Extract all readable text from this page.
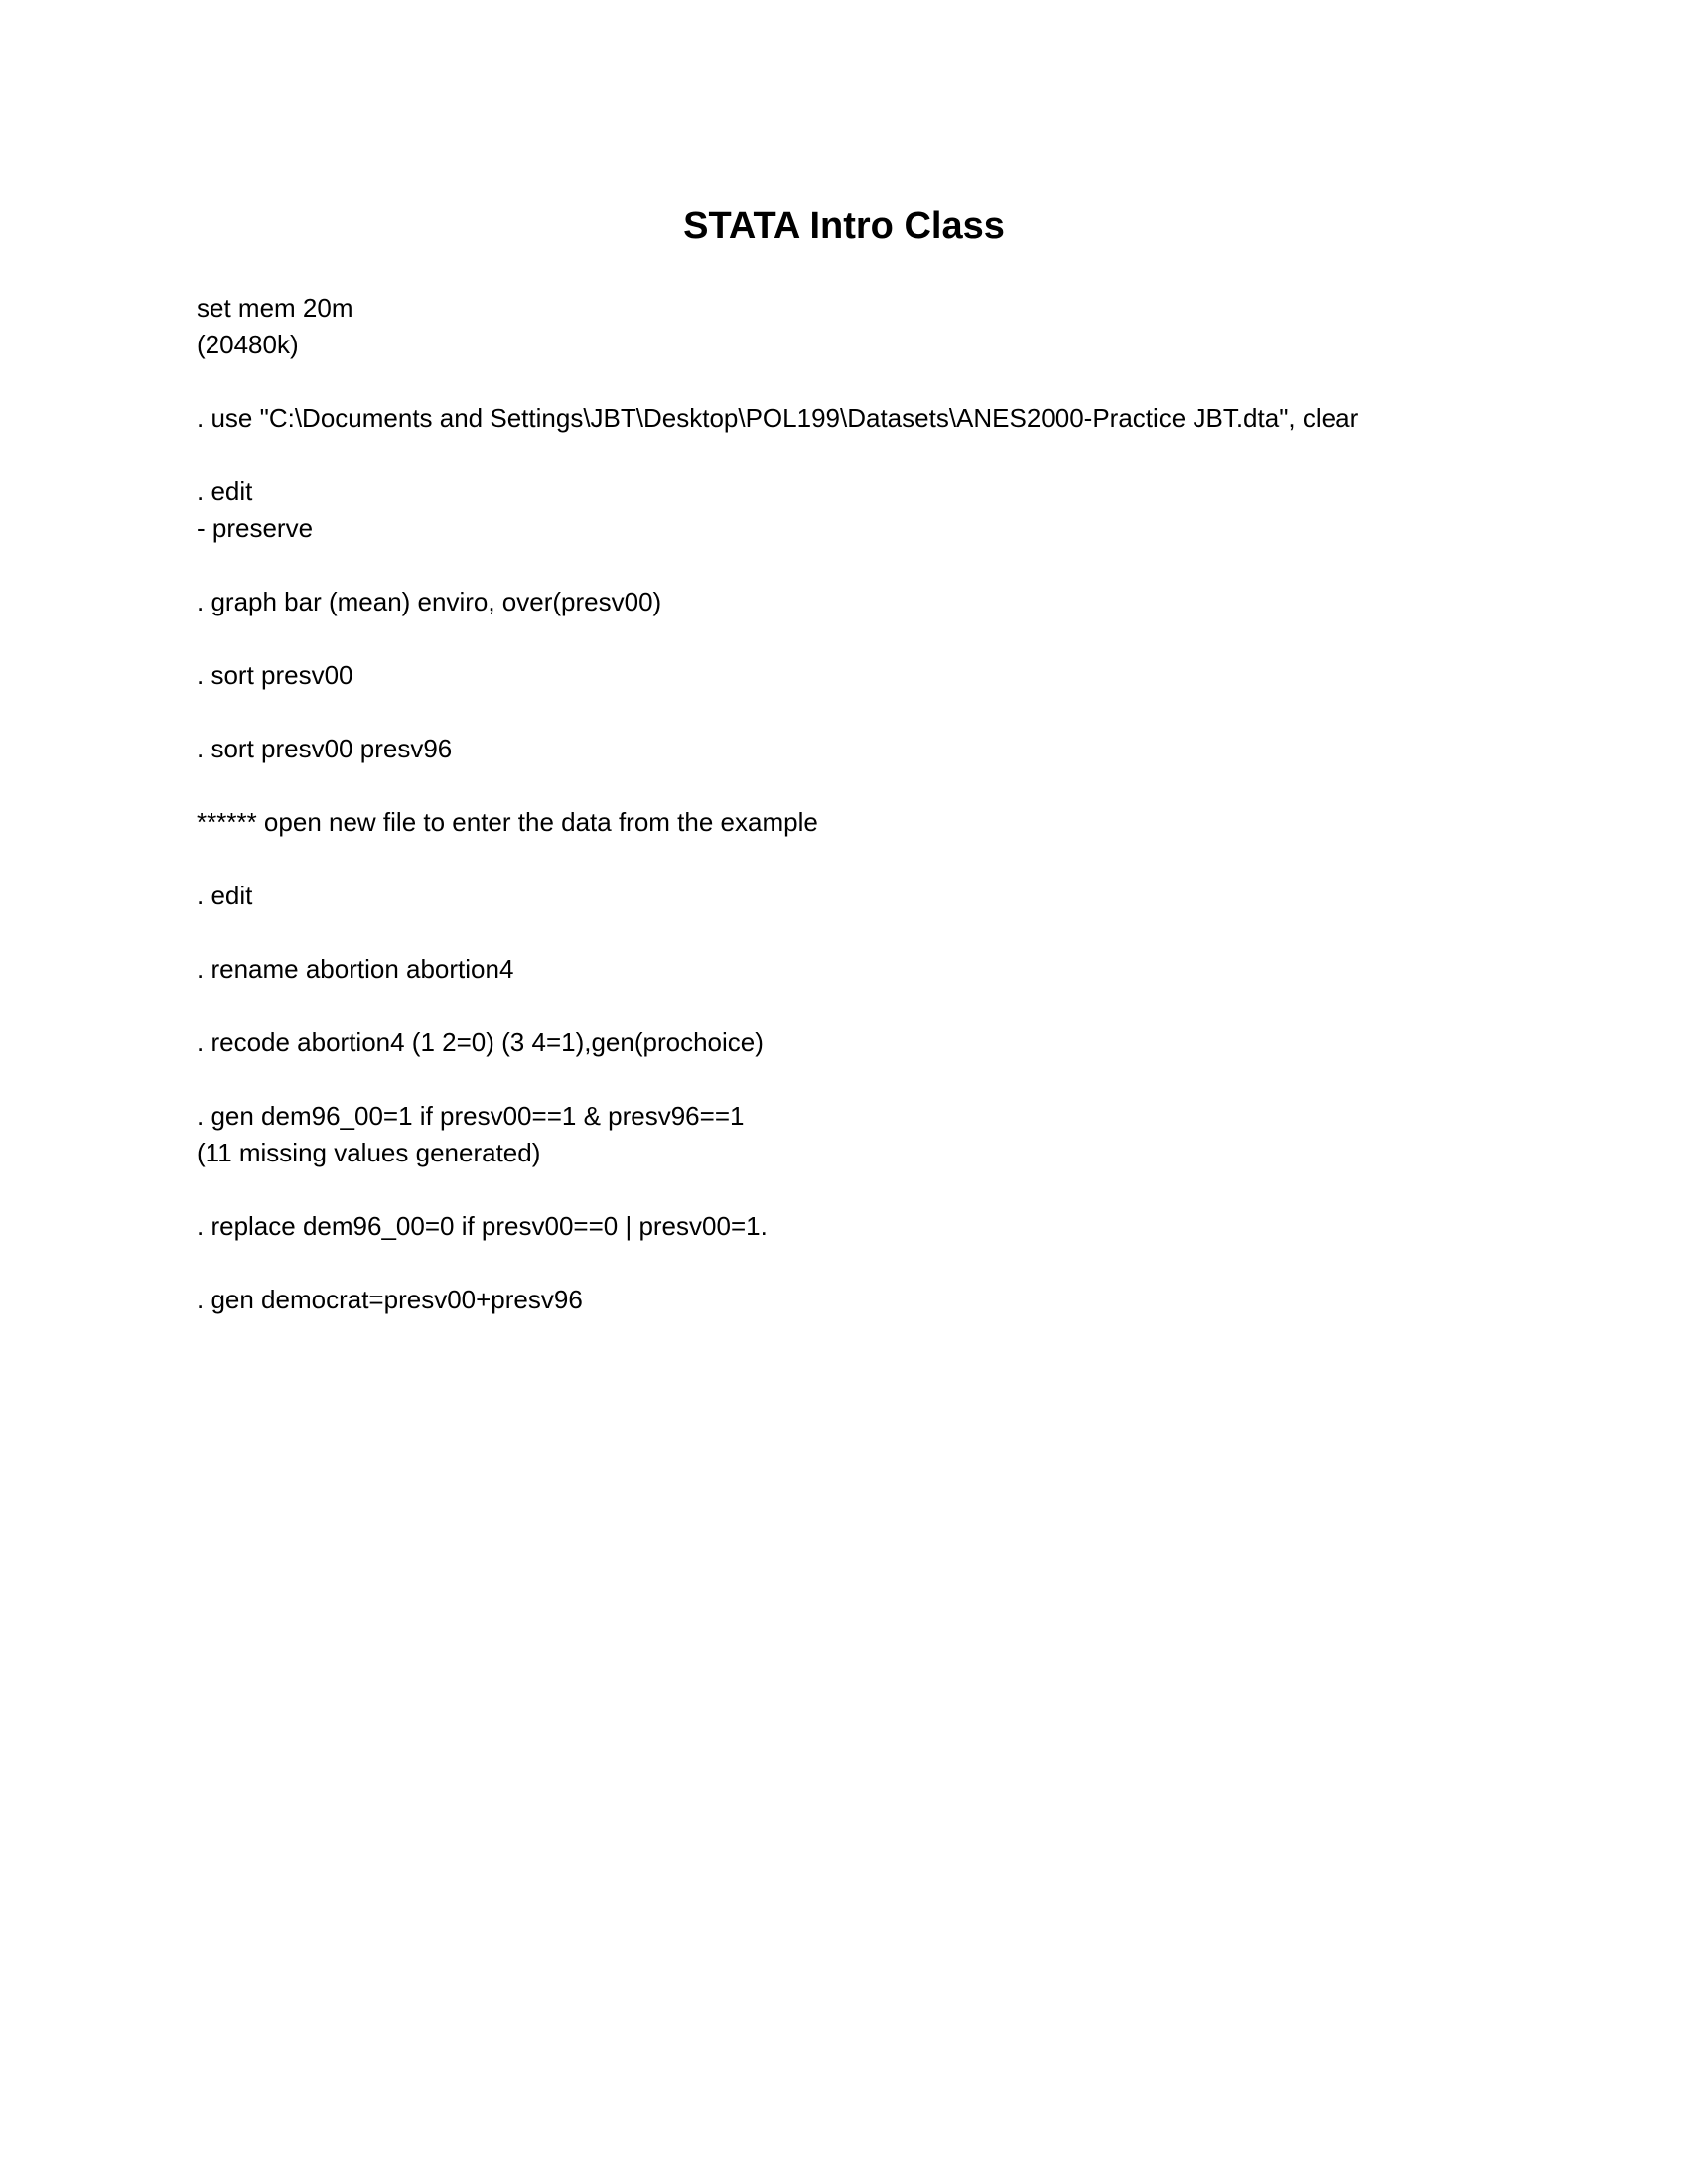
STATA Intro Class
set mem 20m
(20480k)
. use "C:\Documents and Settings\JBT\Desktop\POL199\Datasets\ANES2000-Practice JBT.dta", clear
. edit
- preserve
. graph bar (mean) enviro, over(presv00)
. sort presv00
. sort presv00 presv96
****** open new file to enter the data from the example
. edit
. rename abortion abortion4
. recode abortion4 (1 2=0) (3 4=1),gen(prochoice)
. gen dem96_00=1 if presv00==1 & presv96==1
(11 missing values generated)
. replace dem96_00=0 if presv00==0 | presv00=1.
. gen democrat=presv00+presv96
